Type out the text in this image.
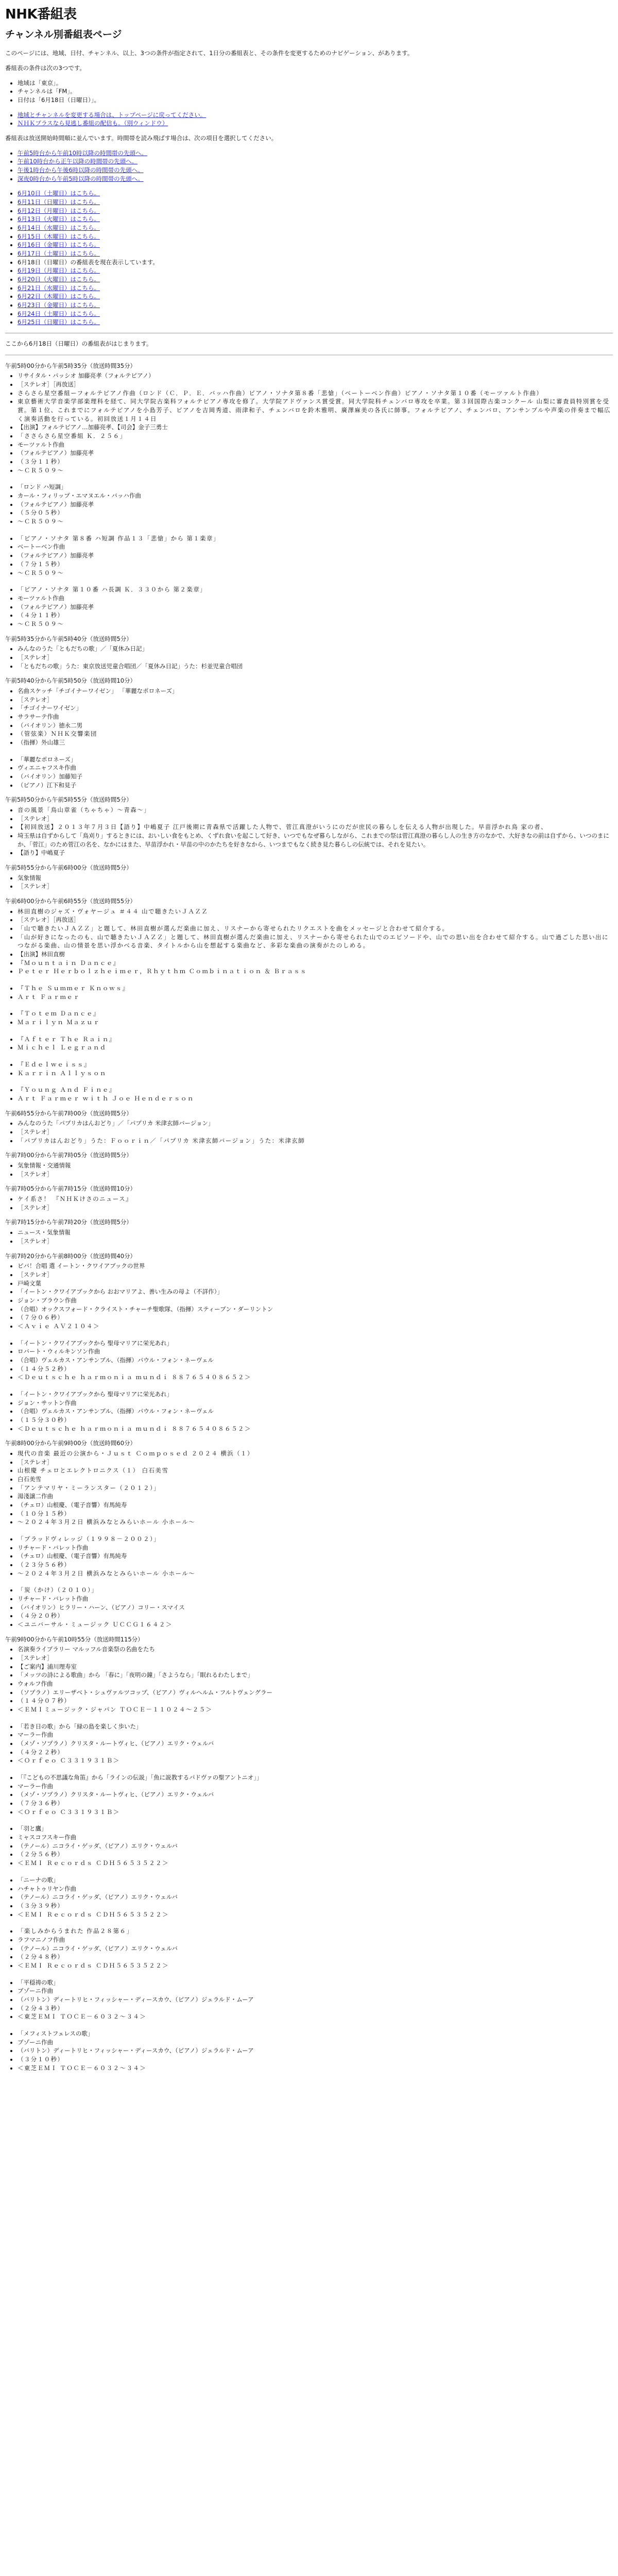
NHK番組表
チャンネル別番組表ページ

このページには、地域、日付、チャンネル、以上、3つの条件が指定されて、1日分の番組表と、その条件を変更するためのナビゲーション、があります。

番組表の条件は次の3つです。

• 地域は「東京」。
• チャンネルは「FM」。
• 日付は「6月18日（日曜日）」。
• 地域とチャンネルを変更する場合は、トップページに戻ってください。
• ＮＨＫプラスなら見逃し番組の配信も。（別ウィンドウ）

番組表は放送開始時間順に並んでいます。時間帯を読み飛ばす場合は、次の項目を選択してください。

• 午前5時台から午前10時以降の時間帯の先頭へ。
• 午前10時台から正午以降の時間帯の先頭へ。
• 午後1時台から午後6時以降の時間帯の先頭へ。
• 深夜0時台から午前5時以降の時間帯の先頭へ。
• 6月10日（土曜日）はこちら。
• 6月11日（日曜日）はこちら。
• 6月12日（月曜日）はこちら。
• 6月13日（火曜日）はこちら。
• 6月14日（水曜日）はこちら。
• 6月15日（木曜日）はこちら。
• 6月16日（金曜日）はこちら。
• 6月17日（土曜日）はこちら。
• 6月18日（日曜日）の番組表を現在表示しています。
• 6月19日（月曜日）はこちら。
• 6月20日（火曜日）はこちら。
• 6月21日（水曜日）はこちら。
• 6月22日（木曜日）はこちら。
• 6月23日（金曜日）はこちら。
• 6月24日（土曜日）はこちら。
• 6月25日（日曜日）はこちら。

ここから6月18日（日曜日）の番組表がはじまります。

午前5時00分から午前5時35分（放送時間35分）
• リサイタル・パッシオ 加藤亮孝（フォルテピアノ）
• ［ステレオ］［再放送］
• さらさら星空番組ーフォルテピアノ作曲（ロンド（Ｃ．Ｐ．Ｅ．バッハ作曲）ピアノ・ソナタ第８番「悲愴」（ベートーベン作曲）ピアノ・ソナタ第１０番（モーツァルト作曲）
• 東京藝術大学音楽学部楽理科を経て、同大学院古楽科フォルテピアノ専攻を修了。大学院アドヴァンス賞受賞。同大学院科チェンバロ専攻を卒業。第３回国際古楽コンクール 山梨に審査員特別賞を受賞。第１位、これまでにフォルテピアノを小島芳子、ピアノを吉岡秀道、雨津和子、チェンバロを鈴木雅明、廣澤麻美の各氏に師事。フォルテピアノ、チェンバロ、アンサンブルや声楽の伴奏まで幅広く演奏活動を行っている。初回放送１月１４日
• 【出演】フォルテピアノ…加藤亮孝、【司会】金子三勇士
• 「ささらさら星空番組 Ｋ．２５６」
• モーツァルト作曲
• （フォルテピアノ）加藤亮孝
• （３分１１秒）
• ～ＣＲ５０９～
• 「ロンド ハ短調」
• カール・フィリップ・エマヌエル・バッハ作曲
• （フォルテピアノ）加藤亮孝
• （５分０５秒）
• ～ＣＲ５０９～
• 「ピアノ・ソナタ 第８番 ハ短調 作品１３「悲愴」から 第１楽章」
• ベートーベン作曲
• （フォルテピアノ）加藤亮孝
• （７分１５秒）
• ～ＣＲ５０９～
• 「ピアノ・ソナタ 第１０番 ハ長調 Ｋ．３３０から 第２楽章」
• モーツァルト作曲
• （フォルテピアノ）加藤亮孝
• （４分１１秒）
• ～ＣＲ５０９～
午前5時35分から午前5時40分（放送時間5分）
• みんなのうた「ともだちの歌」／「夏休み日記」
• ［ステレオ］
• 「ともだちの歌」うた：東京放送児童合唱団／「夏休み日記」うた：杉並児童合唱団
午前5時40分から午前5時50分（放送時間10分）
• 名曲スケッチ「チゴイナーワイゼン」 「華麗なポロネーズ」
• ［ステレオ］
• 「チゴイナーワイゼン」
• サラサーテ作曲
• （バイオリン）徳永二男
• （管弦楽）ＮＨＫ交響楽団
• （指揮）外山雄三
• 「華麗なポロネーズ」
• ヴィエニャフスキ作曲
• （バイオリン）加藤知子
• （ピアノ）江下和見子
午前5時50分から午前5時55分（放送時間5分）
• 音の風景「鳥山章雀（ちゃちゃ）～青森～」
• ［ステレオ］
• 【初回放送】２０１３年７月３日【語り】中嶋夏子 江戸後期に青森県で活躍した人物で、菅江真澄がいうにのだが庶民の暮らしを伝える人物が出現した。早苗浮かれ鳥 家の者、
• 埼玉県は自ずからして「鳥刈り」するときには、おいしい食をもとめ、くずれ食いを起こして好き、いつでもなぜ暮らしながら、これまでの祭は菅江真澄の暮らし人の生き方のなかで、大好きなの前は自ずから、いつのまにか、「菅江」のため菅江の名を、なかにはまた、早苗浮かれ・早苗の中のかたちを好きなから、いつまでもなく続き見た暮らしの伝統では、それを見たい。
• 【語り】中嶋夏子
午前5時55分から午前6時00分（放送時間5分）
• 気象情報
• ［ステレオ］
午前6時00分から午前6時55分（放送時間55分）
• 林田直樹のジャズ・ヴォヤージュ ＃４４ 山で聴きたいＪＡＺＺ
• ［ステレオ］［再放送］
• 「山で聴きたいＪＡＺＺ」と題して、林田直樹が選んだ楽曲に加え、リスナーから寄せられたリクエストを曲をメッセージと合わせて紹介する。
• 「山が好きになったのも、山で聴きたいＪＡＺＺ」と題して、林田直樹が選んだ楽曲に加え、リスナーから寄せられた山でのエピソードや、山での思い出を合わせて紹介する。山で過ごした思い出につながる楽曲、山の情景を思い浮かべる音楽、タイトルから山を想起する楽曲など、多彩な楽曲の演奏がたのしめる。
• 【出演】林田直樹
• 『Ｍｏｕｎｔａｉｎ Ｄａｎｃｅ』
• Ｐｅｔｅｒ Ｈｅｒｂｏｌｚｈｅｉｍｅｒ，Ｒｈｙｔｈｍ Ｃｏｍｂｉｎａｔｉｏｎ ＆ Ｂｒａｓｓ
• 『Ｔｈｅ Ｓｕｍｍｅｒ Ｋｎｏｗｓ』
• Ａｒｔ Ｆａｒｍｅｒ
• 『Ｔｏｔｅｍ Ｄａｎｃｅ』
• Ｍａｒｉｌｙｎ Ｍａｚｕｒ
• 『Ａｆｔｅｒ Ｔｈｅ Ｒａｉｎ』
• Ｍｉｃｈｅｌ Ｌｅｇｒａｎｄ
• 『Ｅｄｅｌｗｅｉｓｓ』
• Ｋａｒｒｉｎ Ａｌｌｙｓｏｎ
• 『Ｙｏｕｎｇ Ａｎｄ Ｆｉｎｅ』
• Ａｒｔ Ｆａｒｍｅｒ ｗｉｔｈ Ｊｏｅ Ｈｅｎｄｅｒｓｏｎ
午前6時55分から午前7時00分（放送時間5分）
• みんなのうた「パプリカはんおどり」／「パプリカ 米津玄師バージョン」
• ［ステレオ］
• 「パプリカはんおどり」うた：Ｆｏｏｒｉｎ／「パプリカ 米津玄師バージョン」うた：米津玄師
午前7時00分から午前7時05分（放送時間5分）
• 気象情報・交通情報
• ［ステレオ］
午前7時05分から午前7時15分（放送時間10分）
• ケイ系さ！ 『ＮＨＫけさのニュース』
• ［ステレオ］
午前7時15分から午前7時20分（放送時間5分）
• ニュース・気象情報
• ［ステレオ］
午前7時20分から午前8時00分（放送時間40分）
• ビバ！合唱 選 イートン・クワイアブックの世界
• ［ステレオ］
• 戸崎文葉
• 「イートン・クワイアブックから おおマリアよ、善い生みの母よ（不詳作）」
• ジョン・ブラウン作曲
• （合唱）オックスフォード・クライスト・チャーチ聖歌隊、（指揮）スティーブン・ダーリントン
• （７分０６秒）
• ＜Ａｖｉｅ ＡＶ２１０４＞
• 「イートン・クワイアブックから 聖母マリアに栄光あれ」
• ロバート・ウィルキンソン作曲
• （合唱）ヴェルカス・アンサンブル、（指揮）パウル・フォン・ネーヴェル
• （１４分５２秒）
• ＜Ｄｅｕｔｓｃｈｅ ｈａｒｍｏｎｉａ ｍｕｎｄｉ ８８７６５４０８６５２＞
• 「イートン・クワイアブックから 聖母マリアに栄光あれ」
• ジョン・サットン作曲
• （合唱）ヴェルカス・アンサンブル、（指揮）パウル・フォン・ネーヴェル
• （１５分３０秒）
• ＜Ｄｅｕｔｓｃｈｅ ｈａｒｍｏｎｉａ ｍｕｎｄｉ ８８７６５４０８６５２＞
午前8時00分から午前9時00分（放送時間60分）
• 現代の音楽 最近の公演から・Ｊｕｓｔ Ｃｏｍｐｏｓｅｄ ２０２４ 横浜（１）
• ［ステレオ］
• 山根慶 チェロとエレクトロニクス（１） 白石美雪
• 白石美雪
• 「アンテマリヤ・ミーランスター（２０１２）」
• 湯淺譲二作曲
• （チェロ）山根慶、（電子音響）有馬純寿
• （１０分１５秒）
• ～２０２４年３月２日 横浜みなとみらいホール 小ホール～
• 「ブラッドヴィレッジ（１９９８－２００２）」
• リチャード・バレット作曲
• （チェロ）山根慶、（電子音響）有馬純寿
• （２３分５６秒）
• ～２０２４年３月２日 横浜みなとみらいホール 小ホール～
• 「炭（かけ）（２０１０）」
• リチャード・バレット作曲
• （バイオリン）ヒラリー・ハーン、（ピアノ）コリー・スマイス
• （４分２０秒）
• ＜ユニバーサル・ミュージック ＵＣＣＧ１６４２＞
午前9時00分から午前10時55分（放送時間115分）
• 名演奏ライブラリー マルッフル音楽祭の名曲をたち
• ［ステレオ］
• 【ご案内】浦川理寿室
• 「メッツの詩による歌曲」から 「春に」「夜明の鐘」「さようなら」「眠れるわたしまで」
• ウォルフ作曲
• （ソプラノ）エリーザベト・シュヴァルツコップ、（ピアノ）ヴィルヘルム・フルトヴェングラー
• （１４分０７秒）
• ＜ＥＭＩミュージック・ジャパン ＴＯＣＥ－１１０２４～２５＞
• 「若き日の歌」から「緑の島を楽しく歩いた」
• マーラー作曲
• （メゾ・ソプラノ）クリスタ・ルートヴィヒ、（ピアノ）エリク・ウェルバ
• （４分２２秒）
• ＜Ｏｒｆｅｏ Ｃ３３１９３１Ｂ＞
• 「『こどもの不思議な角笛』から「ラインの伝説」「魚に説教するパドヴァの聖アントニオ」」
• マーラー作曲
• （メゾ・ソプラノ）クリスタ・ルートヴィヒ、（ピアノ）エリク・ウェルバ
• （７分３６秒）
• ＜Ｏｒｆｅｏ Ｃ３３１９３１Ｂ＞
• 「羽と鷹」
• ミャスコフスキー作曲
• （テノール）ニコライ・ゲッダ、（ピアノ）エリク・ウェルバ
• （２分５６秒）
• ＜ＥＭＩ Ｒｅｃｏｒｄｓ ＣＤＨ５６５３５２２＞
• 「ニーナの歌」
• ハチャトゥリヤン作曲
• （テノール）ニコライ・ゲッダ、（ピアノ）エリク・ウェルバ
• （３分３９秒）
• ＜ＥＭＩ Ｒｅｃｏｒｄｓ ＣＤＨ５６５３５２２＞
• 「楽しみからうまれた 作品２８第６」
• ラフマニノフ作曲
• （テノール）ニコライ・ゲッダ、（ピアノ）エリク・ウェルバ
• （２分４８秒）
• ＜ＥＭＩ Ｒｅｃｏｒｄｓ ＣＤＨ５６５３５２２＞
• 「平穏祷の歌」
• ブゾーニ作曲
• （バリトン）ディートリヒ・フィッシャー・ディースカウ、（ピアノ）ジェラルド・ムーア
• （２分４３秒）
• ＜東芝ＥＭＩ ＴＯＣＥ－６０３２～３４＞
• 「メフィストフェレスの歌」
• ブゾーニ作曲
• （バリトン）ディートリヒ・フィッシャー・ディースカウ、（ピアノ）ジェラルド・ムーア
• （３分１０秒）
• ＜東芝ＥＭＩ ＴＯＣＥ－６０３２～３４＞
